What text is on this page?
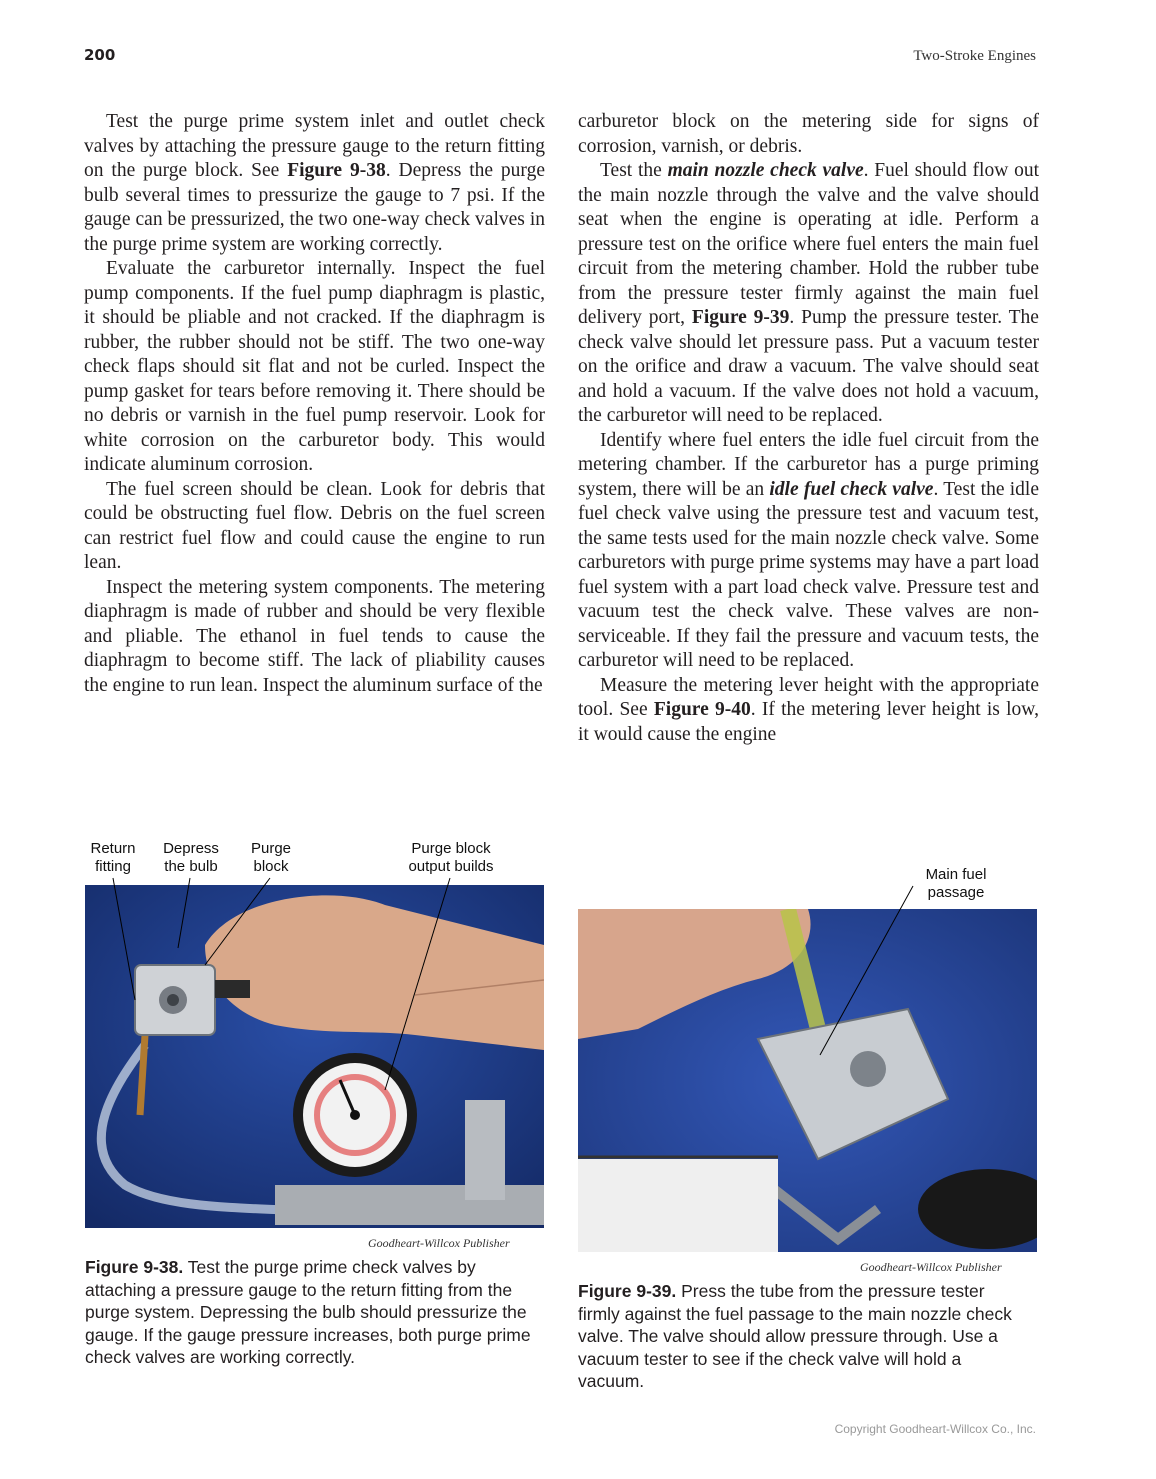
200	Two-Stroke Engines

Test the purge prime system inlet and outlet check valves by attaching the pressure gauge to the return fitting on the purge block. See Figure 9-38. Depress the purge bulb several times to pressurize the gauge to 7 psi. If the gauge can be pressurized, the two one-way check valves in the purge prime system are working correctly.

Evaluate the carburetor internally. Inspect the fuel pump components. If the fuel pump diaphragm is plastic, it should be pliable and not cracked. If the diaphragm is rubber, the rubber should not be stiff. The two one-way check flaps should sit flat and not be curled. Inspect the pump gasket for tears before removing it. There should be no debris or varnish in the fuel pump reservoir. Look for white corrosion on the carburetor body. This would indicate aluminum corrosion.

The fuel screen should be clean. Look for debris that could be obstructing fuel flow. Debris on the fuel screen can restrict fuel flow and could cause the engine to run lean.

Inspect the metering system components. The metering diaphragm is made of rubber and should be very flexible and pliable. The ethanol in fuel tends to cause the diaphragm to become stiff. The lack of pliability causes the engine to run lean. Inspect the aluminum surface of the

carburetor block on the metering side for signs of corrosion, varnish, or debris.

Test the main nozzle check valve. Fuel should flow out the main nozzle through the valve and the valve should seat when the engine is operating at idle. Perform a pressure test on the orifice where fuel enters the main fuel circuit from the metering chamber. Hold the rubber tube from the pressure tester firmly against the main fuel delivery port, Figure 9-39. Pump the pressure tester. The check valve should let pressure pass. Put a vacuum tester on the orifice and draw a vacuum. The valve should seat and hold a vacuum. If the valve does not hold a vacuum, the carburetor will need to be replaced.

Identify where fuel enters the idle fuel circuit from the metering chamber. If the carburetor has a purge priming system, there will be an idle fuel check valve. Test the idle fuel check valve using the pressure test and vacuum test, the same tests used for the main nozzle check valve. Some carburetors with purge prime systems may have a part load fuel system with a part load check valve. Pressure test and vacuum test the check valve. These valves are non-serviceable. If they fail the pressure and vacuum tests, the carburetor will need to be replaced.

Measure the metering lever height with the appropriate tool. See Figure 9-40. If the metering lever height is low, it would cause the engine

Return
fitting
Depress
the bulb
Purge
block
Purge block
output builds
Goodheart-Willcox Publisher
Figure 9-38. Test the purge prime check valves by attaching a pressure gauge to the return fitting from the purge system. Depressing the bulb should pressurize the gauge. If the gauge pressure increases, both purge prime check valves are working correctly.
Main fuel
passage
Goodheart-Willcox Publisher
Figure 9-39. Press the tube from the pressure tester firmly against the fuel passage to the main nozzle check valve. The valve should allow pressure through. Use a vacuum tester to see if the check valve will hold a vacuum.
Copyright Goodheart-Willcox Co., Inc.
